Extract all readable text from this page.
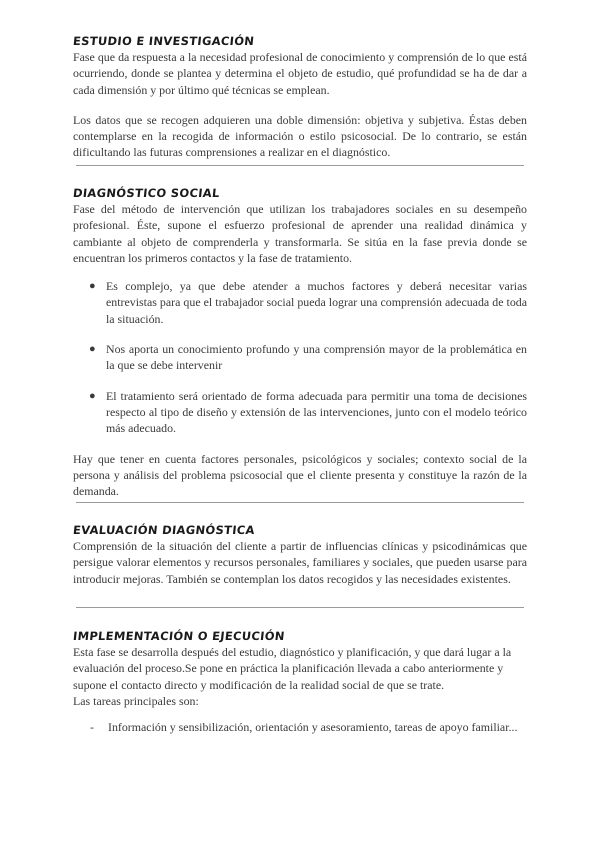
ESTUDIO E INVESTIGACIÓN

Fase que da respuesta a la necesidad profesional de conocimiento y comprensión de lo que está ocurriendo, donde se plantea y determina el objeto de estudio, qué profundidad se ha de dar a cada dimensión y por último qué técnicas se emplean.

Los datos que se recogen adquieren una doble dimensión: objetiva y subjetiva. Éstas deben contemplarse en la recogida de información o estilo psicosocial. De lo contrario, se están dificultando las futuras comprensiones a realizar en el diagnóstico.

DIAGNÓSTICO SOCIAL

Fase del método de intervención que utilizan los trabajadores sociales en su desempeño profesional. Éste, supone el esfuerzo profesional de aprender una realidad dinámica y cambiante al objeto de comprenderla y transformarla. Se sitúa en la fase previa donde se encuentran los primeros contactos y la fase de tratamiento.

● Es complejo, ya que debe atender a muchos factores y deberá necesitar varias entrevistas para que el trabajador social pueda lograr una comprensión adecuada de toda la situación.
● Nos aporta un conocimiento profundo y una comprensión mayor de la problemática en la que se debe intervenir
● El tratamiento será orientado de forma adecuada para permitir una toma de decisiones respecto al tipo de diseño y extensión de las intervenciones, junto con el modelo teórico más adecuado.

Hay que tener en cuenta factores personales, psicológicos y sociales; contexto social de la persona y análisis del problema psicosocial que el cliente presenta y constituye la razón de la demanda.

EVALUACIÓN DIAGNÓSTICA

Comprensión de la situación del cliente a partir de influencias clínicas y psicodinámicas que persigue valorar elementos y recursos personales, familiares y sociales, que pueden usarse para introducir mejoras. También se contemplan los datos recogidos y las necesidades existentes.

IMPLEMENTACIÓN O EJECUCIÓN

Esta fase se desarrolla después del estudio, diagnóstico y planificación, y que dará lugar a la evaluación del proceso.Se pone en práctica la planificación llevada a cabo anteriormente y supone el contacto directo y modificación de la realidad social de que se trate.

Las tareas principales son:

- Información y sensibilización, orientación y asesoramiento, tareas de apoyo familiar...
